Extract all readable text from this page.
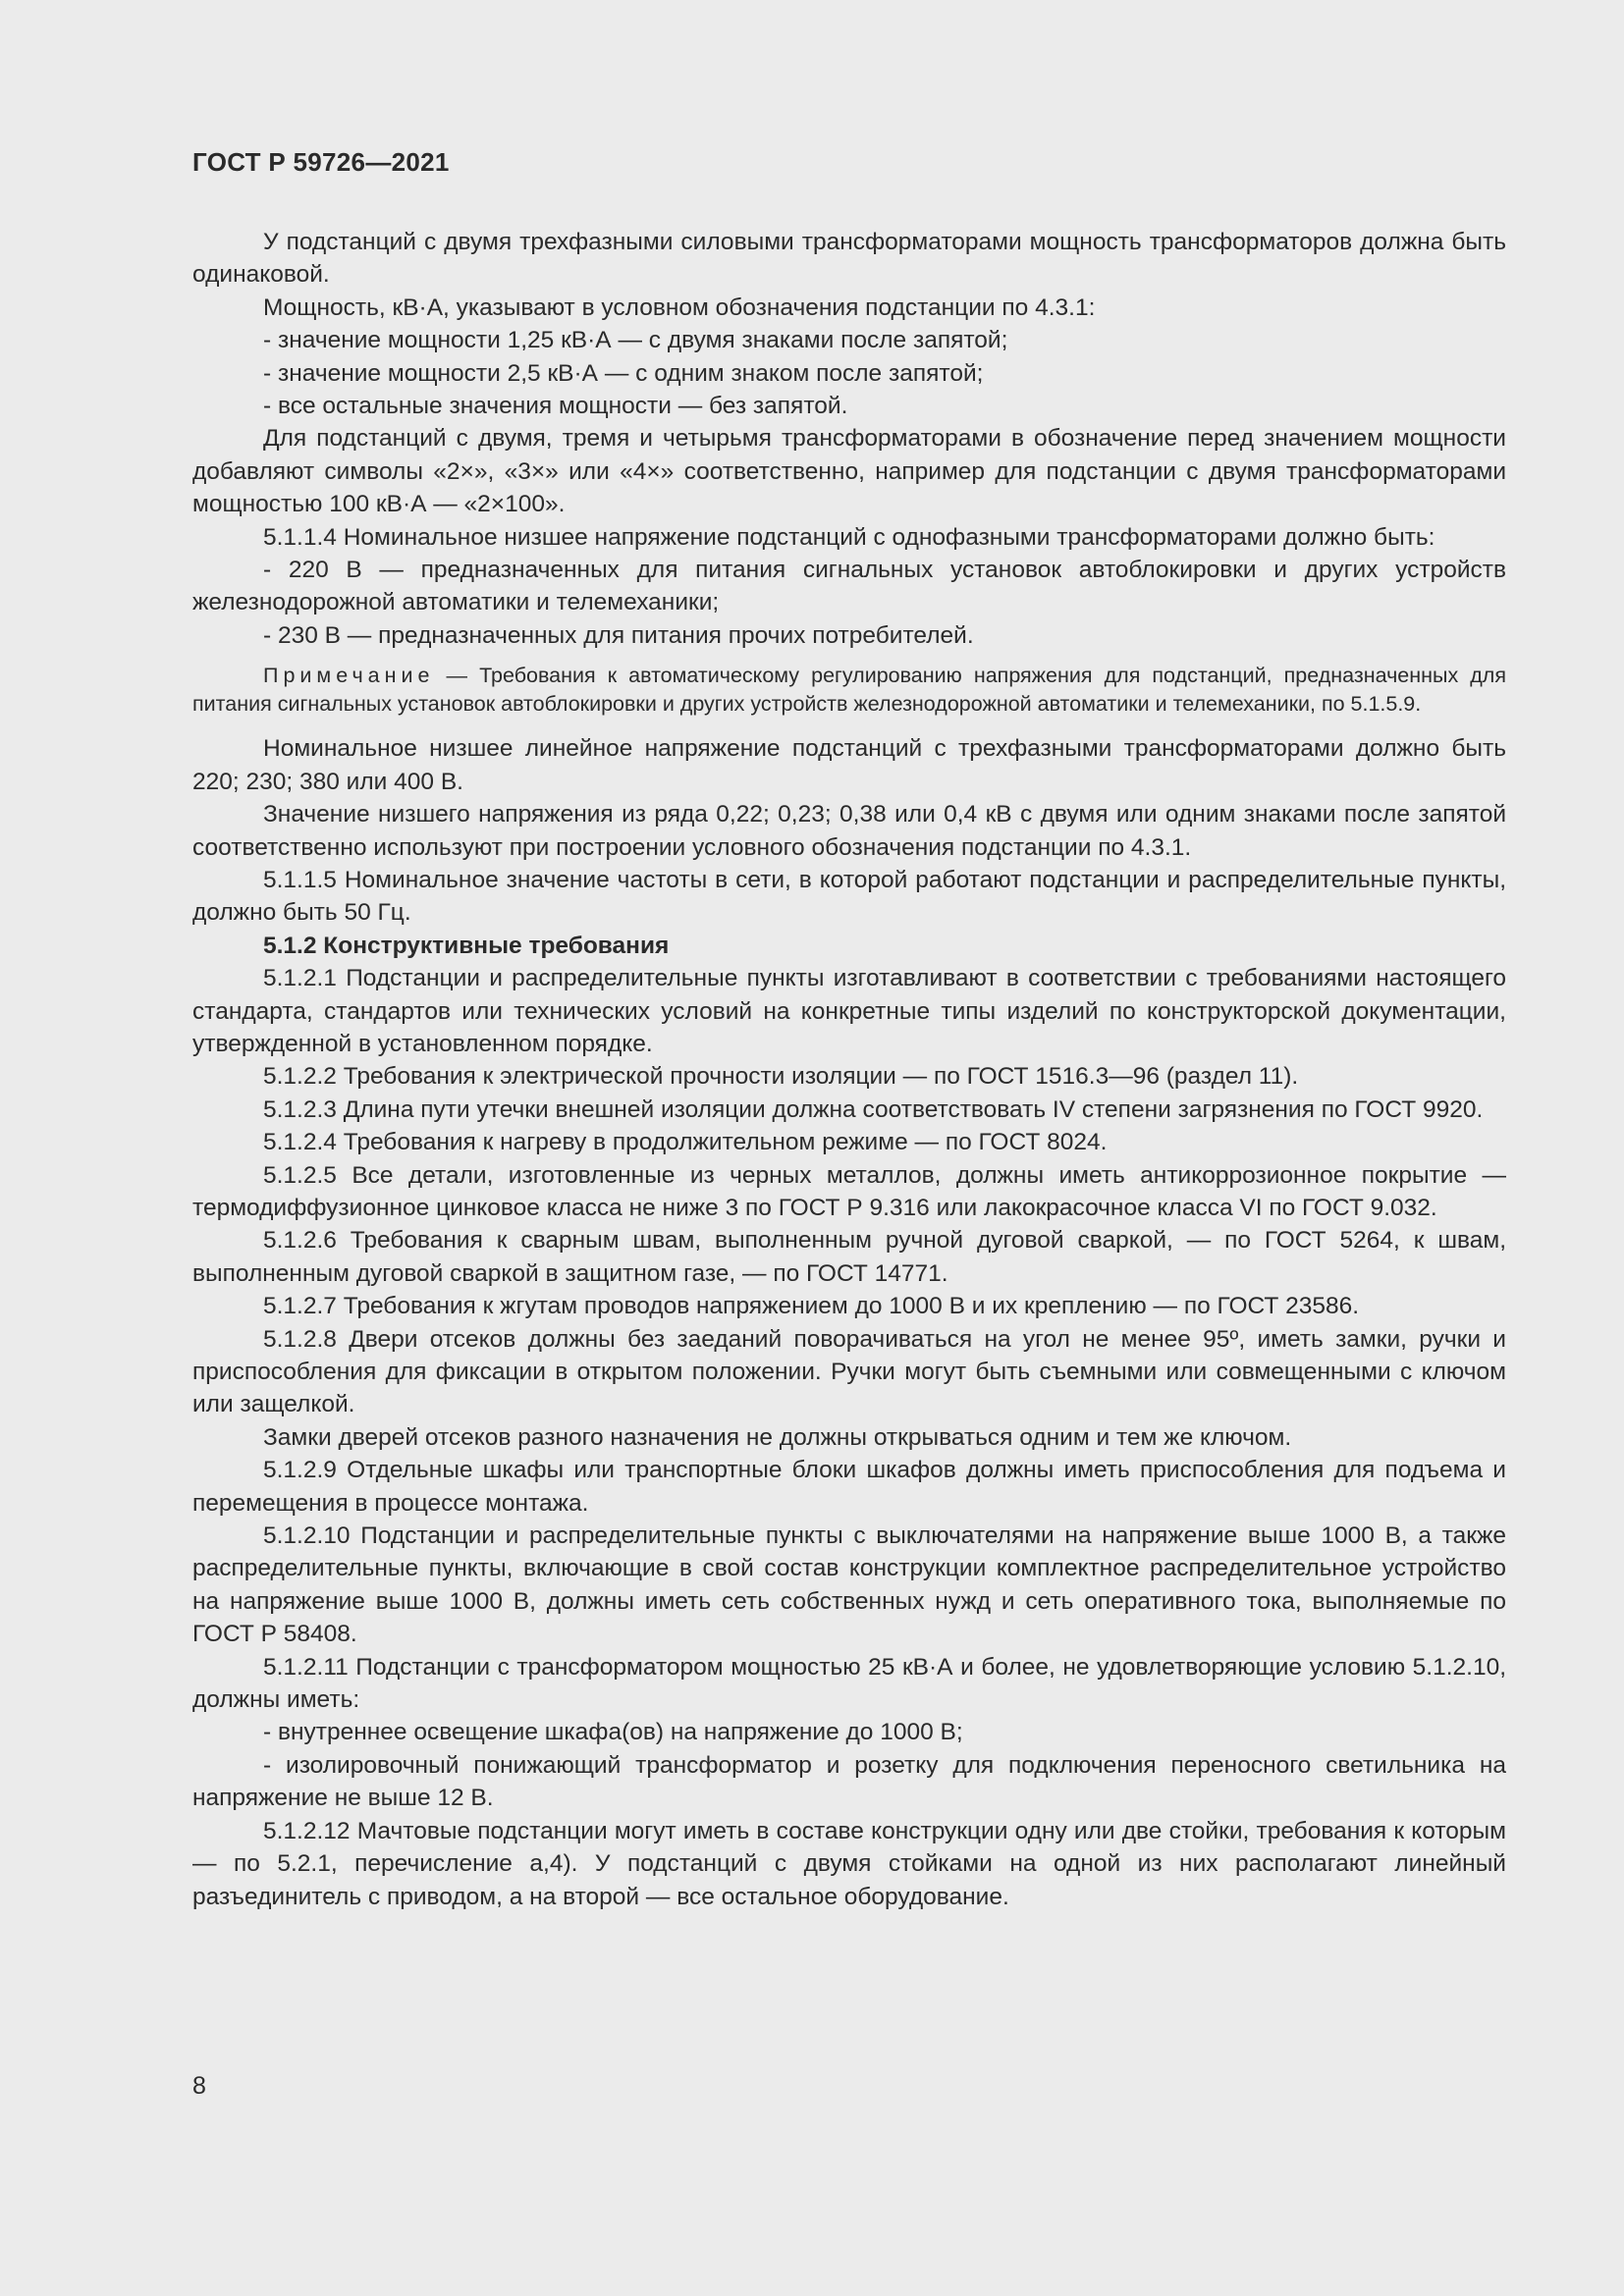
ГОСТ Р 59726—2021

У подстанций с двумя трехфазными силовыми трансформаторами мощность трансформаторов должна быть одинаковой.

Мощность, кВ·А, указывают в условном обозначения подстанции по 4.3.1:

- значение мощности 1,25 кВ·А — с двумя знаками после запятой;

- значение мощности 2,5 кВ·А — с одним знаком после запятой;

- все остальные значения мощности — без запятой.

Для подстанций с двумя, тремя и четырьмя трансформаторами в обозначение перед значением мощности добавляют символы «2×», «3×» или «4×» соответственно, например для подстанции с двумя трансформаторами мощностью 100 кВ·А — «2×100».

5.1.1.4 Номинальное низшее напряжение подстанций с однофазными трансформаторами должно быть:

- 220 В — предназначенных для питания сигнальных установок автоблокировки и других устройств железнодорожной автоматики и телемеханики;

- 230 В — предназначенных для питания прочих потребителей.

Примечание — Требования к автоматическому регулированию напряжения для подстанций, предназначенных для питания сигнальных установок автоблокировки и других устройств железнодорожной автоматики и телемеханики, по 5.1.5.9.

Номинальное низшее линейное напряжение подстанций с трехфазными трансформаторами должно быть 220; 230; 380 или 400 В.

Значение низшего напряжения из ряда 0,22; 0,23; 0,38 или 0,4 кВ с двумя или одним знаками после запятой соответственно используют при построении условного обозначения подстанции по 4.3.1.

5.1.1.5 Номинальное значение частоты в сети, в которой работают подстанции и распределительные пункты, должно быть 50 Гц.

5.1.2 Конструктивные требования

5.1.2.1 Подстанции и распределительные пункты изготавливают в соответствии с требованиями настоящего стандарта, стандартов или технических условий на конкретные типы изделий по конструкторской документации, утвержденной в установленном порядке.

5.1.2.2 Требования к электрической прочности изоляции — по ГОСТ 1516.3—96 (раздел 11).

5.1.2.3 Длина пути утечки внешней изоляции должна соответствовать IV степени загрязнения по ГОСТ 9920.

5.1.2.4 Требования к нагреву в продолжительном режиме — по ГОСТ 8024.

5.1.2.5 Все детали, изготовленные из черных металлов, должны иметь антикоррозионное покрытие — термодиффузионное цинковое класса не ниже 3 по ГОСТ Р 9.316 или лакокрасочное класса VI по ГОСТ 9.032.

5.1.2.6 Требования к сварным швам, выполненным ручной дуговой сваркой, — по ГОСТ 5264, к швам, выполненным дуговой сваркой в защитном газе, — по ГОСТ 14771.

5.1.2.7 Требования к жгутам проводов напряжением до 1000 В и их креплению — по ГОСТ 23586.

5.1.2.8 Двери отсеков должны без заеданий поворачиваться на угол не менее 95º, иметь замки, ручки и приспособления для фиксации в открытом положении. Ручки могут быть съемными или совмещенными с ключом или защелкой.

Замки дверей отсеков разного назначения не должны открываться одним и тем же ключом.

5.1.2.9 Отдельные шкафы или транспортные блоки шкафов должны иметь приспособления для подъема и перемещения в процессе монтажа.

5.1.2.10 Подстанции и распределительные пункты с выключателями на напряжение выше 1000 В, а также распределительные пункты, включающие в свой состав конструкции комплектное распределительное устройство на напряжение выше 1000 В, должны иметь сеть собственных нужд и сеть оперативного тока, выполняемые по ГОСТ Р 58408.

5.1.2.11 Подстанции с трансформатором мощностью 25 кВ·А и более, не удовлетворяющие условию 5.1.2.10, должны иметь:

- внутреннее освещение шкафа(ов) на напряжение до 1000 В;

- изолировочный понижающий трансформатор и розетку для подключения переносного светильника на напряжение не выше 12 В.

5.1.2.12 Мачтовые подстанции могут иметь в составе конструкции одну или две стойки, требования к которым — по 5.2.1, перечисление а,4). У подстанций с двумя стойками на одной из них располагают линейный разъединитель с приводом, а на второй — все остальное оборудование.

8
